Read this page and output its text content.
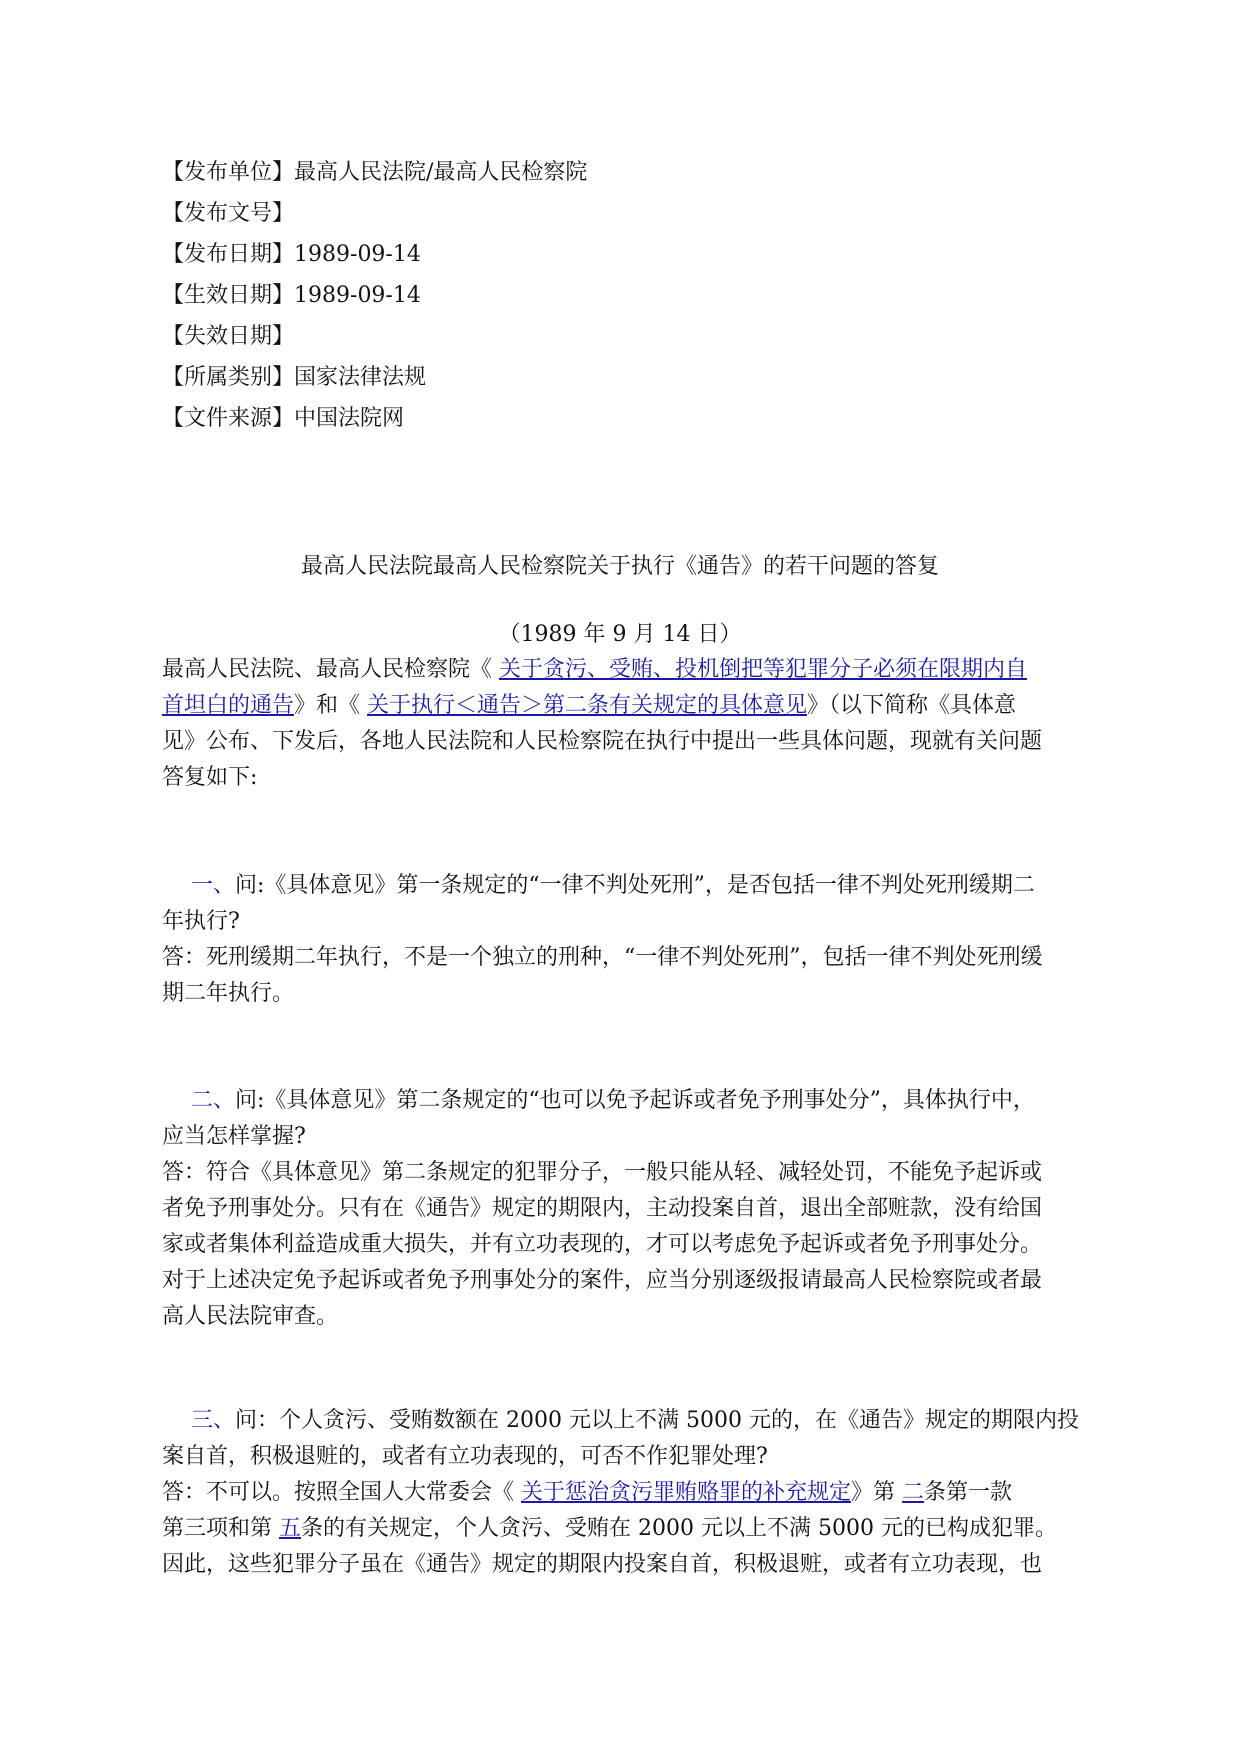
【发布单位】最高人民法院/最高人民检察院
【发布文号】
【发布日期】1989-09-14
【生效日期】1989-09-14
【失效日期】
【所属类别】国家法律法规
【文件来源】中国法院网
最高人民法院最高人民检察院关于执行《通告》的若干问题的答复
（1989 年 9 月 14 日）
最高人民法院、最高人民检察院《 关于贪污、受贿、投机倒把等犯罪分子必须在限期内自
首坦白的通告》和《 关于执行＜通告＞第二条有关规定的具体意见》（以下简称《具体意
见》公布、下发后，各地人民法院和人民检察院在执行中提出一些具体问题，现就有关问题
答复如下:
　 一、问:《具体意见》第一条规定的“一律不判处死刑”，是否包括一律不判处死刑缓期二
年执行?
答：死刑缓期二年执行，不是一个独立的刑种，“一律不判处死刑”，包括一律不判处死刑缓
期二年执行。
　 二、问:《具体意见》第二条规定的“也可以免予起诉或者免予刑事处分”，具体执行中，
应当怎样掌握?
答：符合《具体意见》第二条规定的犯罪分子，一般只能从轻、减轻处罚，不能免予起诉或
者免予刑事处分。只有在《通告》规定的期限内，主动投案自首，退出全部赃款，没有给国
家或者集体利益造成重大损失，并有立功表现的，才可以考虑免予起诉或者免予刑事处分。
对于上述决定免予起诉或者免予刑事处分的案件，应当分别逐级报请最高人民检察院或者最
高人民法院审查。
　 三、问：个人贪污、受贿数额在 2000 元以上不满 5000 元的，在《通告》规定的期限内投
案自首，积极退赃的，或者有立功表现的，可否不作犯罪处理?
答：不可以。按照全国人大常委会《 关于惩治贪污罪贿赂罪的补充规定》第 二条第一款
第三项和第 五条的有关规定，个人贪污、受贿在 2000 元以上不满 5000 元的已构成犯罪。
因此，这些犯罪分子虽在《通告》规定的期限内投案自首，积极退赃，或者有立功表现，也
